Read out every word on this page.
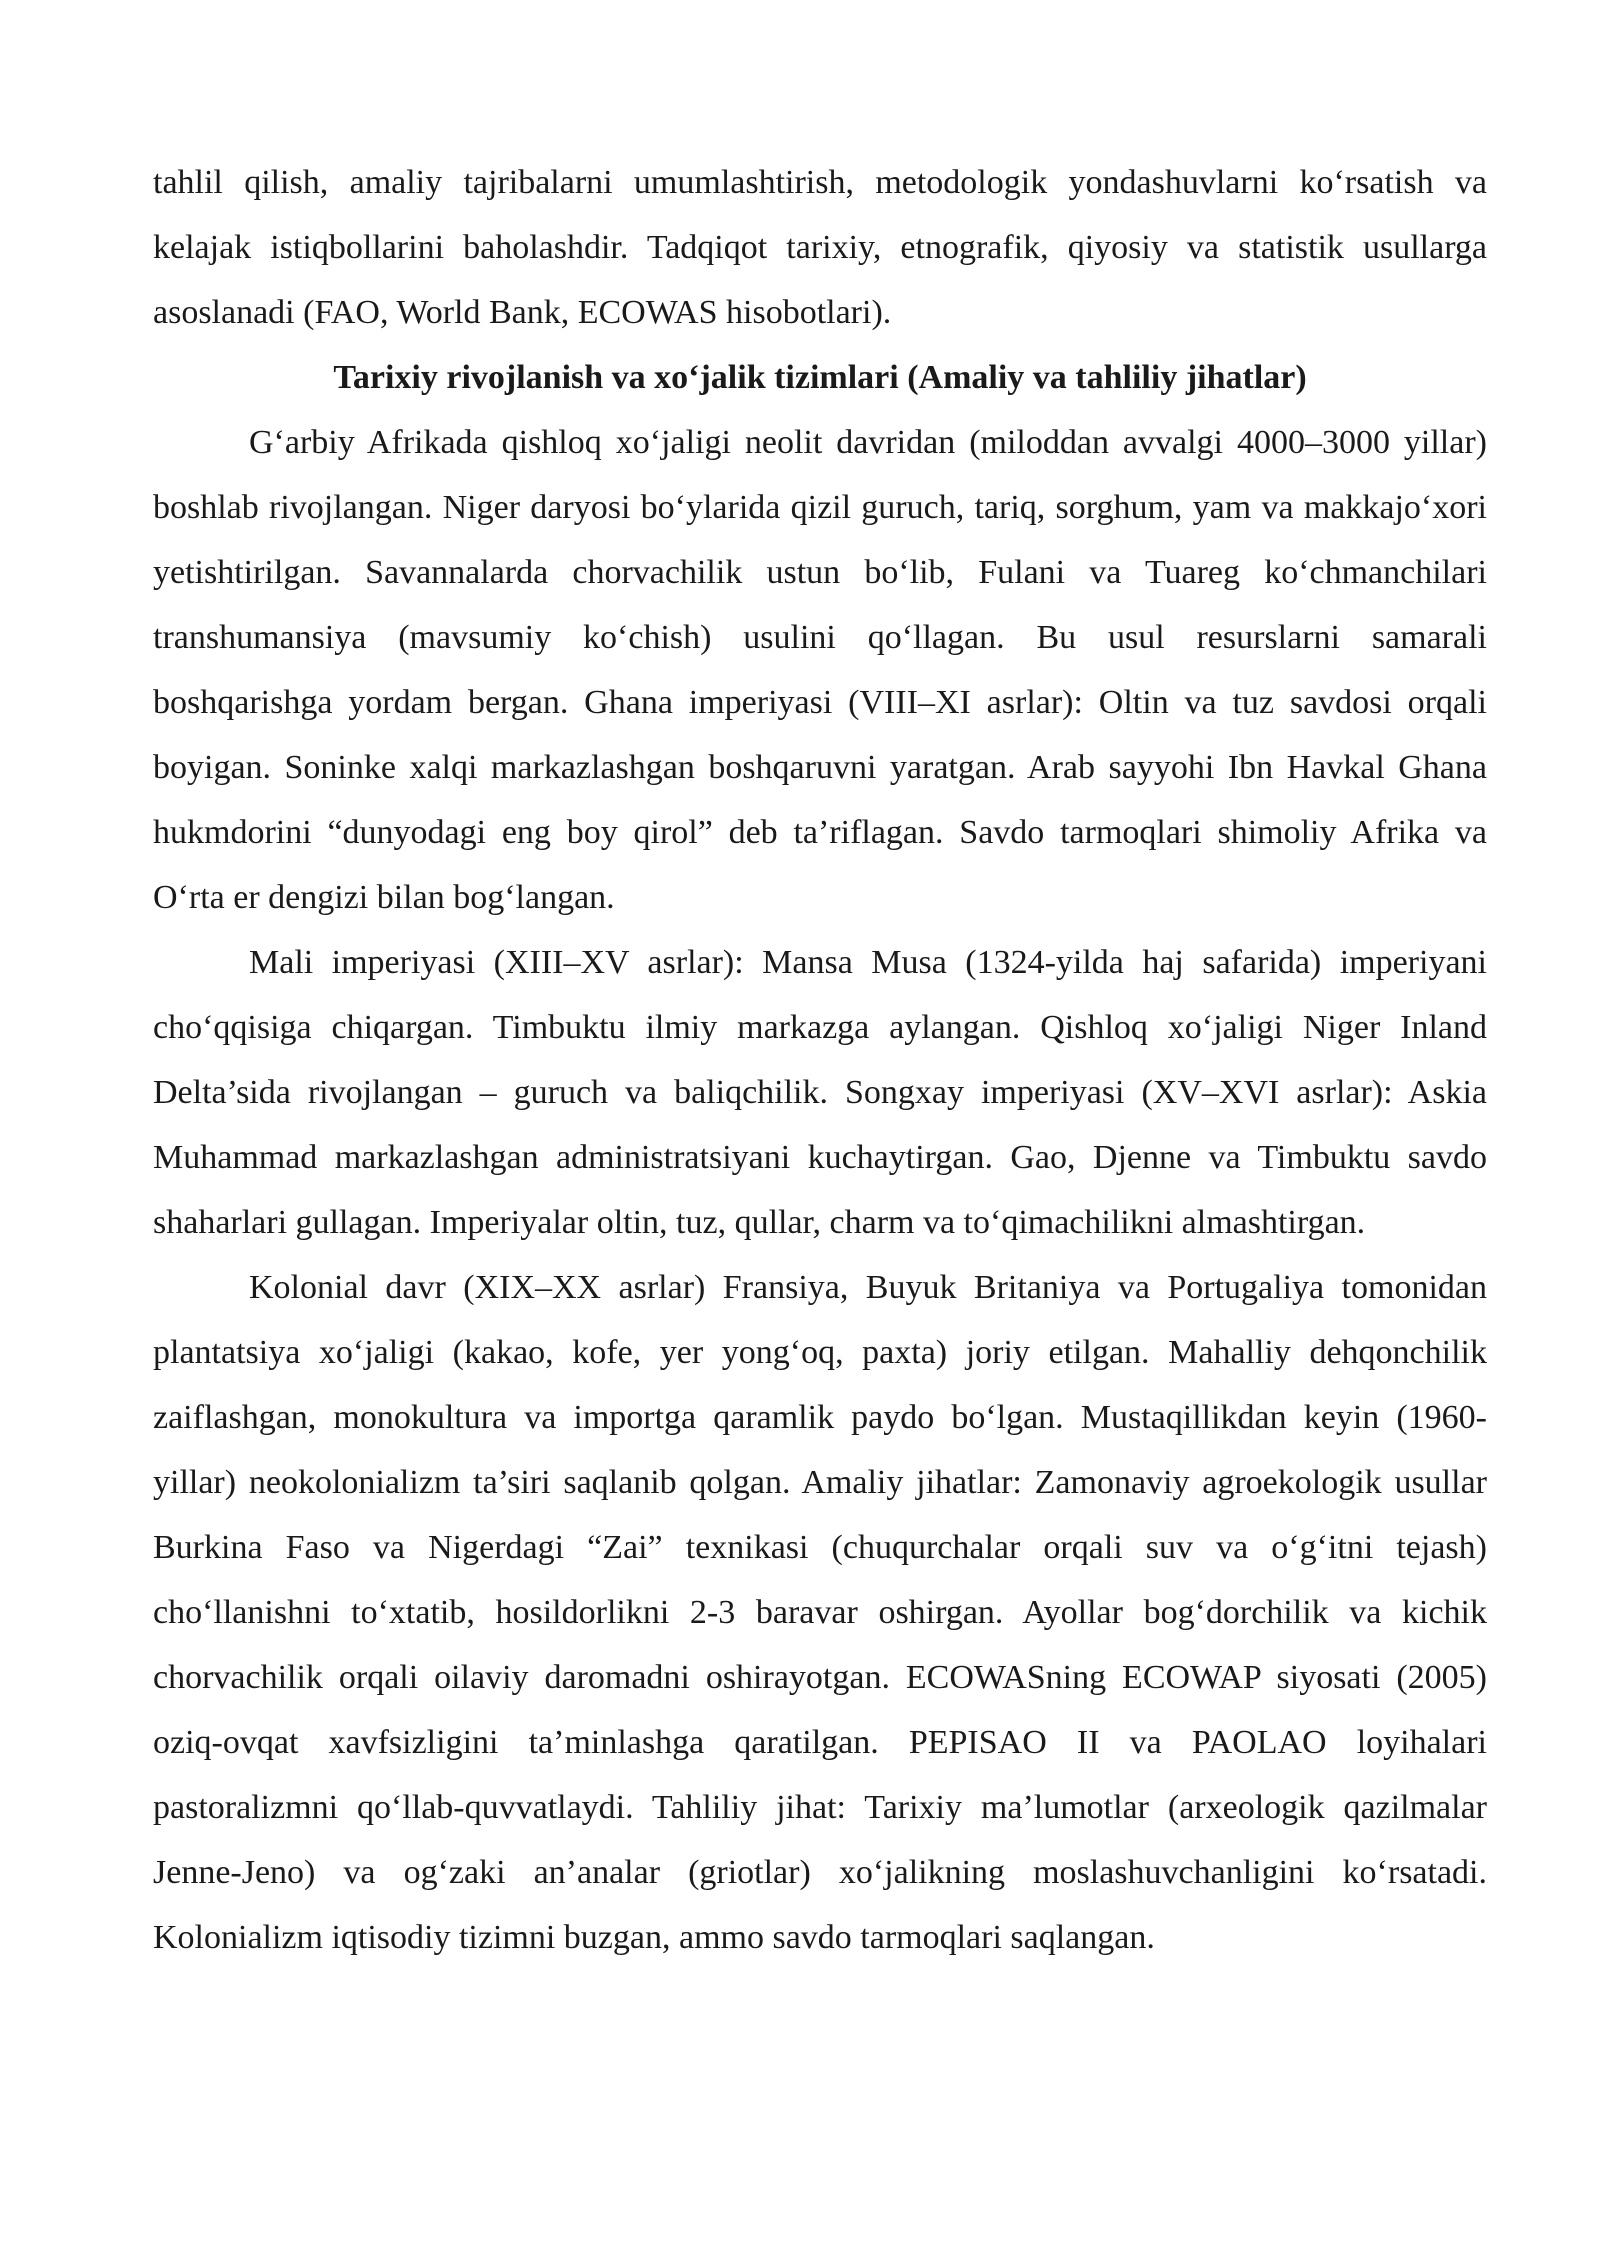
tahlil qilish, amaliy tajribalarni umumlashtirish, metodologik yondashuvlarni ko‘rsatish va kelajak istiqbollarini baholashdir. Tadqiqot tarixiy, etnografik, qiyosiy va statistik usullarga asoslanadi (FAO, World Bank, ECOWAS hisobotlari).

Tarixiy rivojlanish va xo‘jalik tizimlari (Amaliy va tahliliy jihatlar)

G‘arbiy Afrikada qishloq xo‘jaligi neolit davridan (miloddan avvalgi 4000–3000 yillar) boshlab rivojlangan. Niger daryosi bo‘ylarida qizil guruch, tariq, sorghum, yam va makkajo‘xori yetishtirilgan. Savannalarda chorvachilik ustun bo‘lib, Fulani va Tuareg ko‘chmanchilari transhumansiya (mavsumiy ko‘chish) usulini qo‘llagan. Bu usul resurslarni samarali boshqarishga yordam bergan. Ghana imperiyasi (VIII–XI asrlar): Oltin va tuz savdosi orqali boyigan. Soninke xalqi markazlashgan boshqaruvni yaratgan. Arab sayyohi Ibn Havkal Ghana hukmdorini “dunyodagi eng boy qirol” deb ta’riflagan. Savdo tarmoqlari shimoliy Afrika va O‘rta er dengizi bilan bog‘langan.

Mali imperiyasi (XIII–XV asrlar): Mansa Musa (1324-yilda haj safarida) imperiyani cho‘qqisiga chiqargan. Timbuktu ilmiy markazga aylangan. Qishloq xo‘jaligi Niger Inland Delta’sida rivojlangan – guruch va baliqchilik. Songxay imperiyasi (XV–XVI asrlar): Askia Muhammad markazlashgan administratsiyani kuchaytirgan. Gao, Djenne va Timbuktu savdo shaharlari gullagan. Imperiyalar oltin, tuz, qullar, charm va to‘qimachilikni almashtirgan.

Kolonial davr (XIX–XX asrlar) Fransiya, Buyuk Britaniya va Portugaliya tomonidan plantatsiya xo‘jaligi (kakao, kofe, yer yong‘oq, paxta) joriy etilgan. Mahalliy dehqonchilik zaiflashgan, monokultura va importga qaramlik paydo bo‘lgan. Mustaqillikdan keyin (1960-yillar) neokolonializm ta’siri saqlanib qolgan. Amaliy jihatlar: Zamonaviy agroekologik usullar Burkina Faso va Nigerdagi “Zai” texnikasi (chuqurchalar orqali suv va o‘g‘itni tejash) cho‘llanishni to‘xtatib, hosildorlikni 2-3 baravar oshirgan. Ayollar bog‘dorchilik va kichik chorvachilik orqali oilaviy daromadni oshirayotgan. ECOWASning ECOWAP siyosati (2005) oziq-ovqat xavfsizligini ta’minlashga qaratilgan. PEPISAO II va PAOLAO loyihalari pastoralizmni qo‘llab-quvvatlaydi. Tahliliy jihat: Tarixiy ma’lumotlar (arxeologik qazilmalar Jenne-Jeno) va og‘zaki an’analar (griotlar) xo‘jalikning moslashuvchanligini ko‘rsatadi. Kolonializm iqtisodiy tizimni buzgan, ammo savdo tarmoqlari saqlangan.
